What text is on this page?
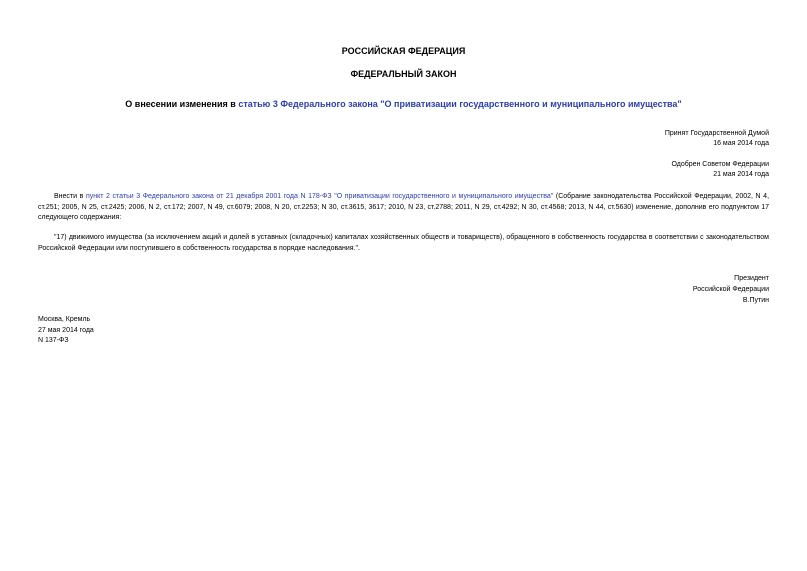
РОССИЙСКАЯ ФЕДЕРАЦИЯ
ФЕДЕРАЛЬНЫЙ ЗАКОН
О внесении изменения в статью 3 Федерального закона "О приватизации государственного и муниципального имущества"
Принят Государственной Думой
16 мая 2014 года
Одобрен Советом Федерации
21 мая 2014 года
Внести в пункт 2 статьи 3 Федерального закона от 21 декабря 2001 года N 178-ФЗ "О приватизации государственного и муниципального имущества" (Собрание законодательства Российской Федерации, 2002, N 4, ст.251; 2005, N 25, ст.2425; 2006, N 2, ст.172; 2007, N 49, ст.6079; 2008, N 20, ст.2253; N 30, ст.3615, 3617; 2010, N 23, ст.2788; 2011, N 29, ст.4292; N 30, ст.4568; 2013, N 44, ст.5630) изменение, дополнив его подпунктом 17 следующего содержания:
"17) движимого имущества (за исключением акций и долей в уставных (складочных) капиталах хозяйственных обществ и товариществ), обращенного в собственность государства в соответствии с законодательством Российской Федерации или поступившего в собственность государства в порядке наследования.".
Президент
Российской Федерации
В.Путин
Москва, Кремль
27 мая 2014 года
N 137-ФЗ
